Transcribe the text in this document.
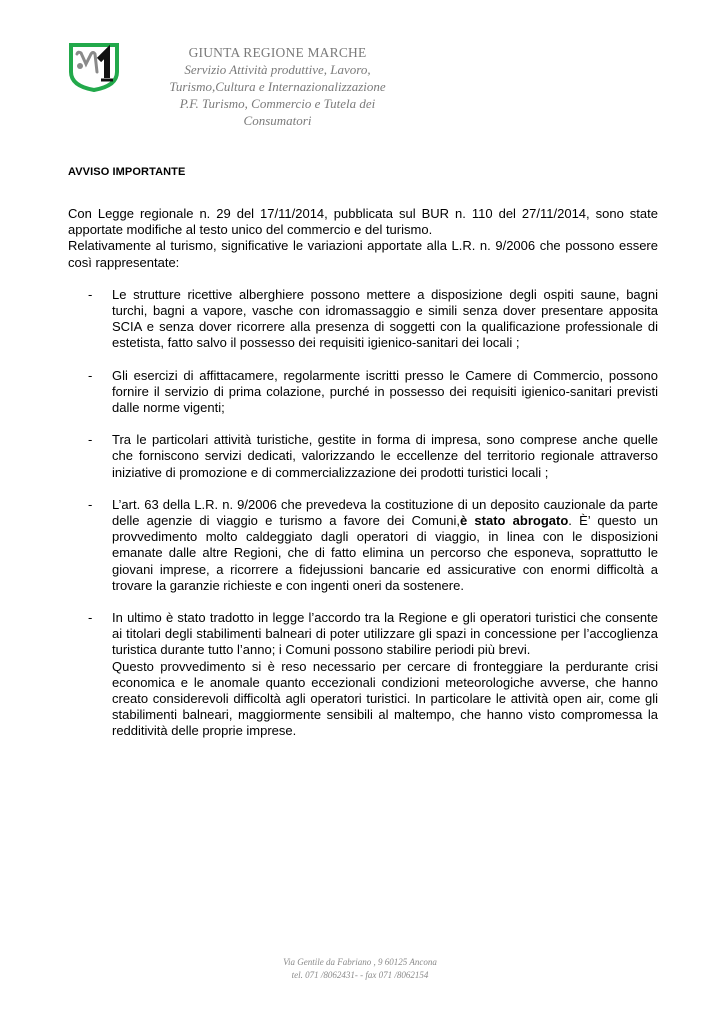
GIUNTA REGIONE MARCHE
Servizio Attività produttive, Lavoro,
Turismo,Cultura e Internazionalizzazione
P.F. Turismo, Commercio e Tutela dei
Consumatori
AVVISO IMPORTANTE

Con Legge regionale n. 29 del 17/11/2014, pubblicata sul BUR n. 110 del 27/11/2014, sono state apportate modifiche al testo unico del commercio e del turismo.

Relativamente al turismo, significative le variazioni apportate alla L.R. n. 9/2006 che possono essere così rappresentate:

- Le strutture ricettive alberghiere possono mettere a disposizione degli ospiti saune, bagni turchi, bagni a vapore, vasche con idromassaggio e simili senza dover presentare apposita SCIA e senza dover ricorrere alla presenza di soggetti con la qualificazione professionale di estetista, fatto salvo il possesso dei requisiti igienico-sanitari dei locali ;
- Gli esercizi di affittacamere, regolarmente iscritti presso le Camere di Commercio, possono fornire il servizio di prima colazione, purché in possesso dei requisiti igienico-sanitari previsti dalle norme vigenti;
- Tra le particolari attività turistiche, gestite in forma di impresa, sono comprese anche quelle che forniscono servizi dedicati, valorizzando le eccellenze del territorio regionale attraverso iniziative di promozione e di commercializzazione dei prodotti turistici locali ;
- L’art. 63 della L.R. n. 9/2006 che prevedeva la costituzione di un deposito cauzionale da parte delle agenzie di viaggio e turismo a favore dei Comuni,è stato abrogato. È’ questo un provvedimento molto caldeggiato dagli operatori di viaggio, in linea con le disposizioni emanate dalle altre Regioni, che di fatto elimina un percorso che esponeva, soprattutto le giovani imprese, a ricorrere a fidejussioni bancarie ed assicurative con enormi difficoltà a trovare la garanzie richieste e con ingenti oneri da sostenere.
- In ultimo è stato tradotto in legge l’accordo tra la Regione e gli operatori turistici che consente ai titolari degli stabilimenti balneari di poter utilizzare gli spazi in concessione per l’accoglienza turistica durante tutto l’anno; i Comuni possono stabilire periodi più brevi.
Questo provvedimento si è reso necessario per cercare di fronteggiare la perdurante crisi economica e le anomale quanto eccezionali condizioni meteorologiche avverse, che hanno creato considerevoli difficoltà agli operatori turistici. In particolare le attività open air, come gli stabilimenti balneari, maggiormente sensibili al maltempo, che hanno visto compromessa la redditività delle proprie imprese.
Via Gentile da Fabriano , 9 60125 Ancona
tel. 071 /8062431- - fax 071 /8062154
